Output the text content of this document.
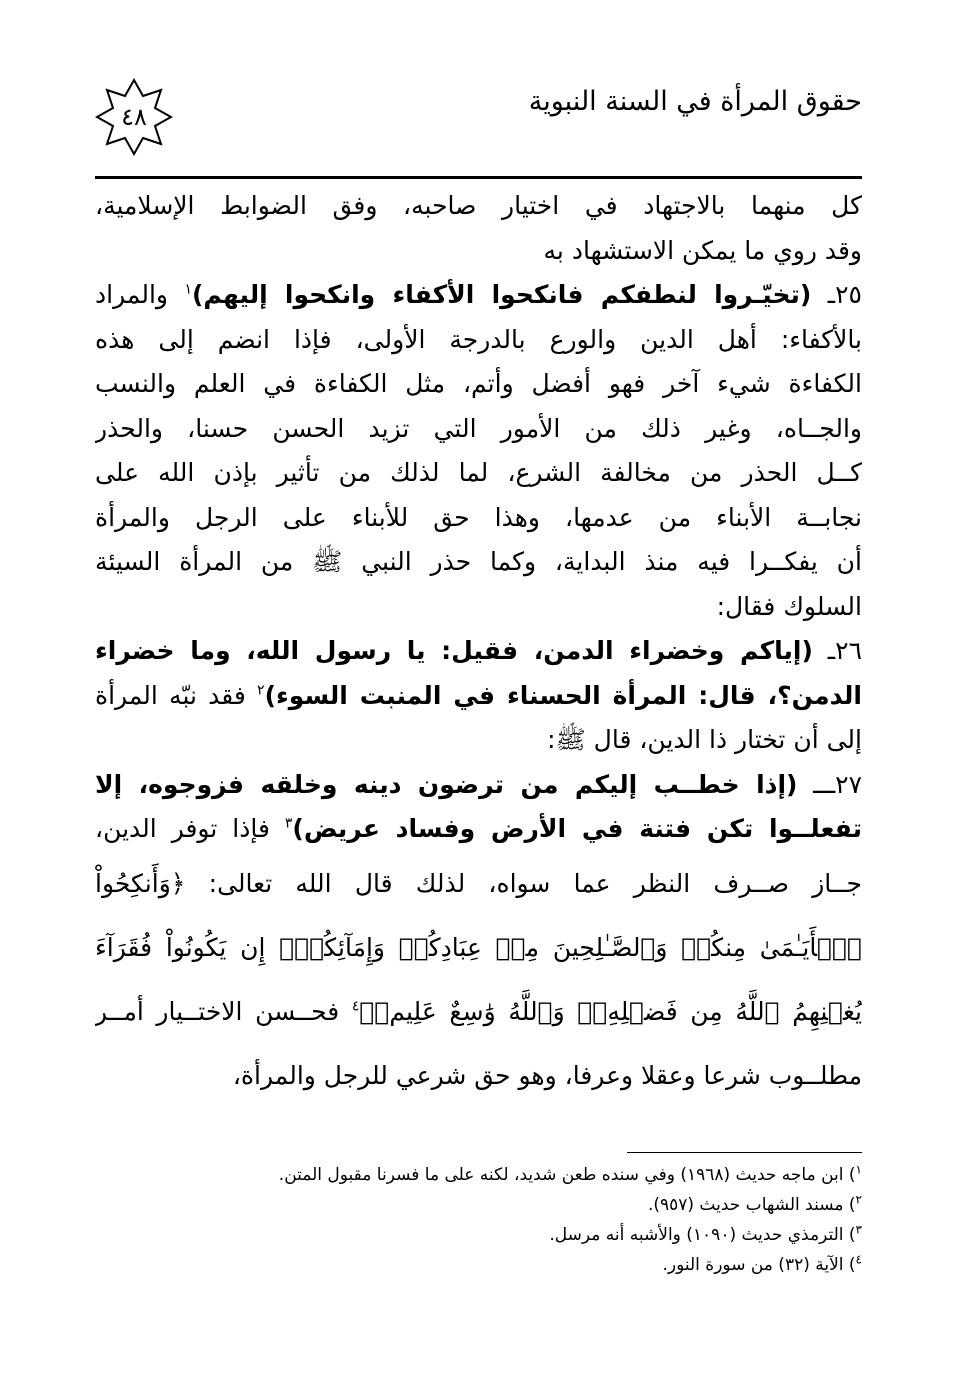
حقوق المرأة في السنة النبوية
٤٨
كل منهما بالاجتهاد في اختيار صاحبه، وفق الضوابط الإسلامية،
وقد روي ما يمكن الاستشهاد به
٢٥ـ (تخيّـروا لنطفكم فانكحوا الأكفاء وانكحوا إليهم)$^١$ والمراد
بالأكفاء: أهل الدين والورع بالدرجة الأولى، فإذا انضم إلى هذه
الكفاءة شيء آخر فهو أفضل وأتم، مثل الكفاءة في العلم والنسب
والجــاه، وغير ذلك من الأمور التي تزيد الحسن حسنا، والحذر
كــل الحذر من مخالفة الشرع، لما لذلك من تأثير بإذن الله على
نجابــة الأبناء من عدمها، وهذا حق للأبناء على الرجل والمرأة
أن يفكــرا فيه منذ البداية، وكما حذر النبي ﷺ من المرأة السيئة
السلوك فقال:
٢٦ـ (إياكم وخضراء الدمن، فقيل: يا رسول الله، وما خضراء
الدمن؟، قال: المرأة الحسناء في المنبت السوء)$^٢$ فقد نبّه المرأة
إلى أن تختار ذا الدين، قال ﷺ:
٢٧ـــ (إذا خطــب إليكم من ترضون دينه وخلقه فزوجوه، إلا
تفعلــوا تكن فتنة في الأرض وفساد عريض)$^٣$ فإذا توفر الدين،
جــاز صــرف النظر عما سواه، لذلك قال الله تعالى: ﴿وَأَنكِحُواْ
ٱلۡأَيَـٰمَىٰ مِنكُمۡ وَٱلصَّـٰلِحِينَ مِنۡ عِبَادِكُمۡ وَإِمَآئِكُمۡۚ إِن يَكُونُواْ فُقَرَآءَ
يُغۡنِهِمُ ٱللَّهُ مِن فَضۡلِهِۦۗ وَٱللَّهُ وَٰسِعٌ عَلِيمٞ﴾$^٤$ فحــسن الاختــيار أمــر
مطلــوب شرعا وعقلا وعرفا، وهو حق شرعي للرجل والمرأة،
$^١$) ابن ماجه حديث (١٩٦٨) وفي سنده طعن شديد، لكنه على ما فسرنا مقبول المتن.
$^٢$) مسند الشهاب حديث (٩٥٧).
$^٣$) الترمذي حديث (١٠٩٠) والأشبه أنه مرسل.
$^٤$) الآية (٣٢) من سورة النور.
